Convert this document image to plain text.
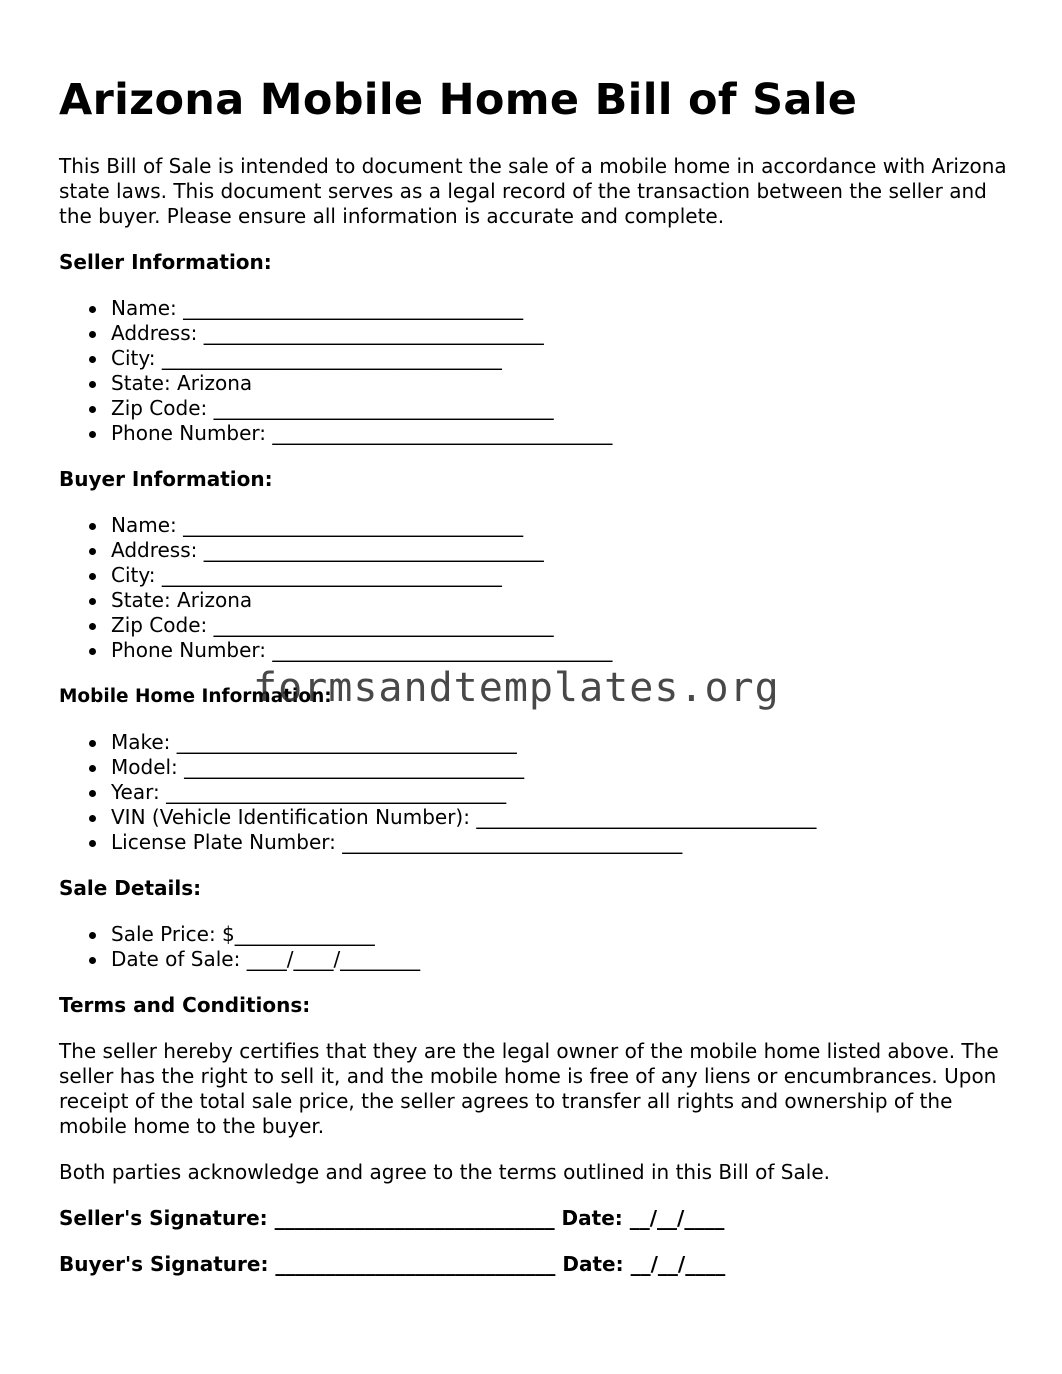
Arizona Mobile Home Bill of Sale

This Bill of Sale is intended to document the sale of a mobile home in accordance with Arizona state laws. This document serves as a legal record of the transaction between the seller and the buyer. Please ensure all information is accurate and complete.

Seller Information:
Name: __________________________________
Address: __________________________________
City: __________________________________
State: Arizona
Zip Code: __________________________________
Phone Number: __________________________________
Buyer Information:
Name: __________________________________
Address: __________________________________
City: __________________________________
State: Arizona
Zip Code: __________________________________
Phone Number: __________________________________
Mobile Home Information:
Make: __________________________________
Model: __________________________________
Year: __________________________________
VIN (Vehicle Identification Number): __________________________________
License Plate Number: __________________________________
Sale Details:
Sale Price: $______________
Date of Sale: ____/____/________
Terms and Conditions:

The seller hereby certifies that they are the legal owner of the mobile home listed above. The seller has the right to sell it, and the mobile home is free of any liens or encumbrances. Upon receipt of the total sale price, the seller agrees to transfer all rights and ownership of the mobile home to the buyer.

Both parties acknowledge and agree to the terms outlined in this Bill of Sale.

Seller's Signature: ____________________________ Date: __/__/____
Buyer's Signature: ____________________________ Date: __/__/____
formsandtemplates.org
